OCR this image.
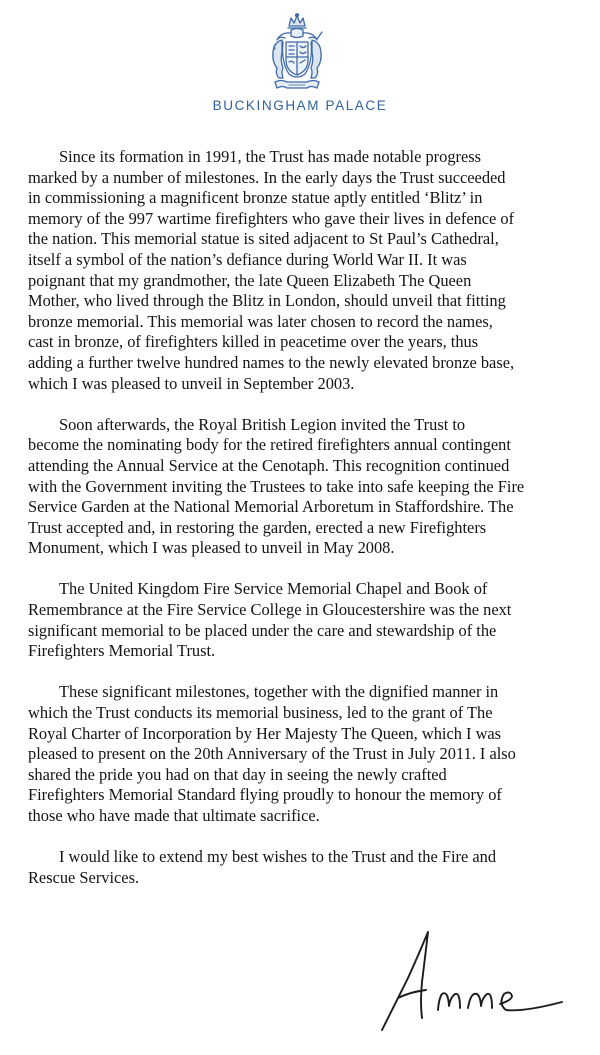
BUCKINGHAM PALACE

Since its formation in 1991, the Trust has made notable progress
marked by a number of milestones. In the early days the Trust succeeded
in commissioning a magnificent bronze statue aptly entitled ‘Blitz’ in
memory of the 997 wartime firefighters who gave their lives in defence of
the nation. This memorial statue is sited adjacent to St Paul’s Cathedral,
itself a symbol of the nation’s defiance during World War II. It was
poignant that my grandmother, the late Queen Elizabeth The Queen
Mother, who lived through the Blitz in London, should unveil that fitting
bronze memorial. This memorial was later chosen to record the names,
cast in bronze, of firefighters killed in peacetime over the years, thus
adding a further twelve hundred names to the newly elevated bronze base,
which I was pleased to unveil in September 2003.

Soon afterwards, the Royal British Legion invited the Trust to
become the nominating body for the retired firefighters annual contingent
attending the Annual Service at the Cenotaph. This recognition continued
with the Government inviting the Trustees to take into safe keeping the Fire
Service Garden at the National Memorial Arboretum in Staffordshire. The
Trust accepted and, in restoring the garden, erected a new Firefighters
Monument, which I was pleased to unveil in May 2008.

The United Kingdom Fire Service Memorial Chapel and Book of
Remembrance at the Fire Service College in Gloucestershire was the next
significant memorial to be placed under the care and stewardship of the
Firefighters Memorial Trust.

These significant milestones, together with the dignified manner in
which the Trust conducts its memorial business, led to the grant of The
Royal Charter of Incorporation by Her Majesty The Queen, which I was
pleased to present on the 20th Anniversary of the Trust in July 2011. I also
shared the pride you had on that day in seeing the newly crafted
Firefighters Memorial Standard flying proudly to honour the memory of
those who have made that ultimate sacrifice.

I would like to extend my best wishes to the Trust and the Fire and
Rescue Services.
